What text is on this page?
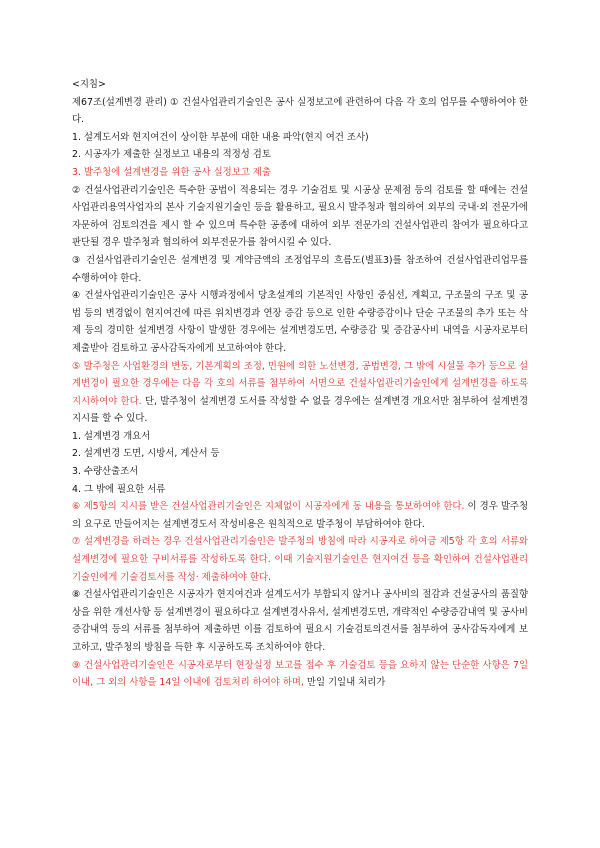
<지침>

제67조(설계변경 관리) ① 건설사업관리기술인은 공사 실정보고에 관련하여 다음 각 호의 업무를 수행하여야 한다.

1. 설계도서와 현지여건이 상이한 부분에 대한 내용 파악(현지 여건 조사)

2. 시공자가 제출한 실정보고 내용의 적정성 검토

3. 발주청에 설계변경을 위한 공사 실정보고 제출

② 건설사업관리기술인은 특수한 공법이 적용되는 경우 기술검토 및 시공상 문제점 등의 검토를 할 때에는 건설사업관리용역사업자의 본사 기술지원기술인 등을 활용하고, 필요시 발주청과 협의하여 외부의 국내·외 전문가에 자문하여 검토의견을 제시 할 수 있으며 특수한 공종에 대하여 외부 전문가의 건설사업관리 참여가 필요하다고 판단될 경우 발주청과 협의하여 외부전문가를 참여시킬 수 있다.

③ 건설사업관리기술인은 설계변경 및 계약금액의 조정업무의 흐름도(별표3)를 참조하여 건설사업관리업무를 수행하여야 한다.

④ 건설사업관리기술인은 공사 시행과정에서 당초설계의 기본적인 사항인 중심선, 계획고, 구조물의 구조 및 공법 등의 변경없이 현지여건에 따른 위치변경과 연장 증감 등으로 인한 수량증감이나 단순 구조물의 추가 또는 삭제 등의 경미한 설계변경 사항이 발생한 경우에는 설계변경도면, 수량증감 및 증감공사비 내역을 시공자로부터 제출받아 검토하고 공사감독자에게 보고하여야 한다.

⑤ 발주청은 사업환경의 변동, 기본계획의 조정, 민원에 의한 노선변경, 공법변경, 그 밖에 시설물 추가 등으로 설계변경이 필요한 경우에는 다음 각 호의 서류를 첨부하여 서면으로 건설사업관리기술인에게 설계변경을 하도록 지시하여야 한다. 단, 발주청이 설계변경 도서를 작성할 수 없을 경우에는 설계변경 개요서만 첨부하여 설계변경 지시를 할 수 있다.

1. 설계변경 개요서

2. 설계변경 도면, 시방서, 계산서 등

3. 수량산출조서

4. 그 밖에 필요한 서류

⑥ 제5항의 지시를 받은 건설사업관리기술인은 지체없이 시공자에게 동 내용을 통보하여야 한다. 이 경우 발주청의 요구로 만들어지는 설계변경도서 작성비용은 원칙적으로 발주청이 부담하여야 한다.

⑦ 설계변경을 하려는 경우 건설사업관리기술인은 발주청의 방침에 따라 시공자로 하여금 제5항 각 호의 서류와 설계변경에 필요한 구비서류를 작성하도록 한다. 이때 기술지원기술인은 현지여건 등을 확인하여 건설사업관리기술인에게 기술검토서를 작성· 제출하여야 한다.

⑧ 건설사업관리기술인은 시공자가 현지여건과 설계도서가 부합되지 않거나 공사비의 절감과 건설공사의 품질향상을 위한 개선사항 등 설계변경이 필요하다고 설계변경사유서, 설계변경도면, 개략적인 수량증감내역 및 공사비 증감내역 등의 서류를 첨부하여 제출하면 이를 검토하여 필요시 기술검토의견서를 첨부하여 공사감독자에게 보고하고, 발주청의 방침을 득한 후 시공하도록 조치하여야 한다.

⑨ 건설사업관리기술인은 시공자로부터 현장실정 보고를 접수 후 기술검토 등을 요하지 않는 단순한 사항은 7일 이내, 그 외의 사항을 14일 이내에 검토처리 하여야 하며, 만일 기일내 처리가
